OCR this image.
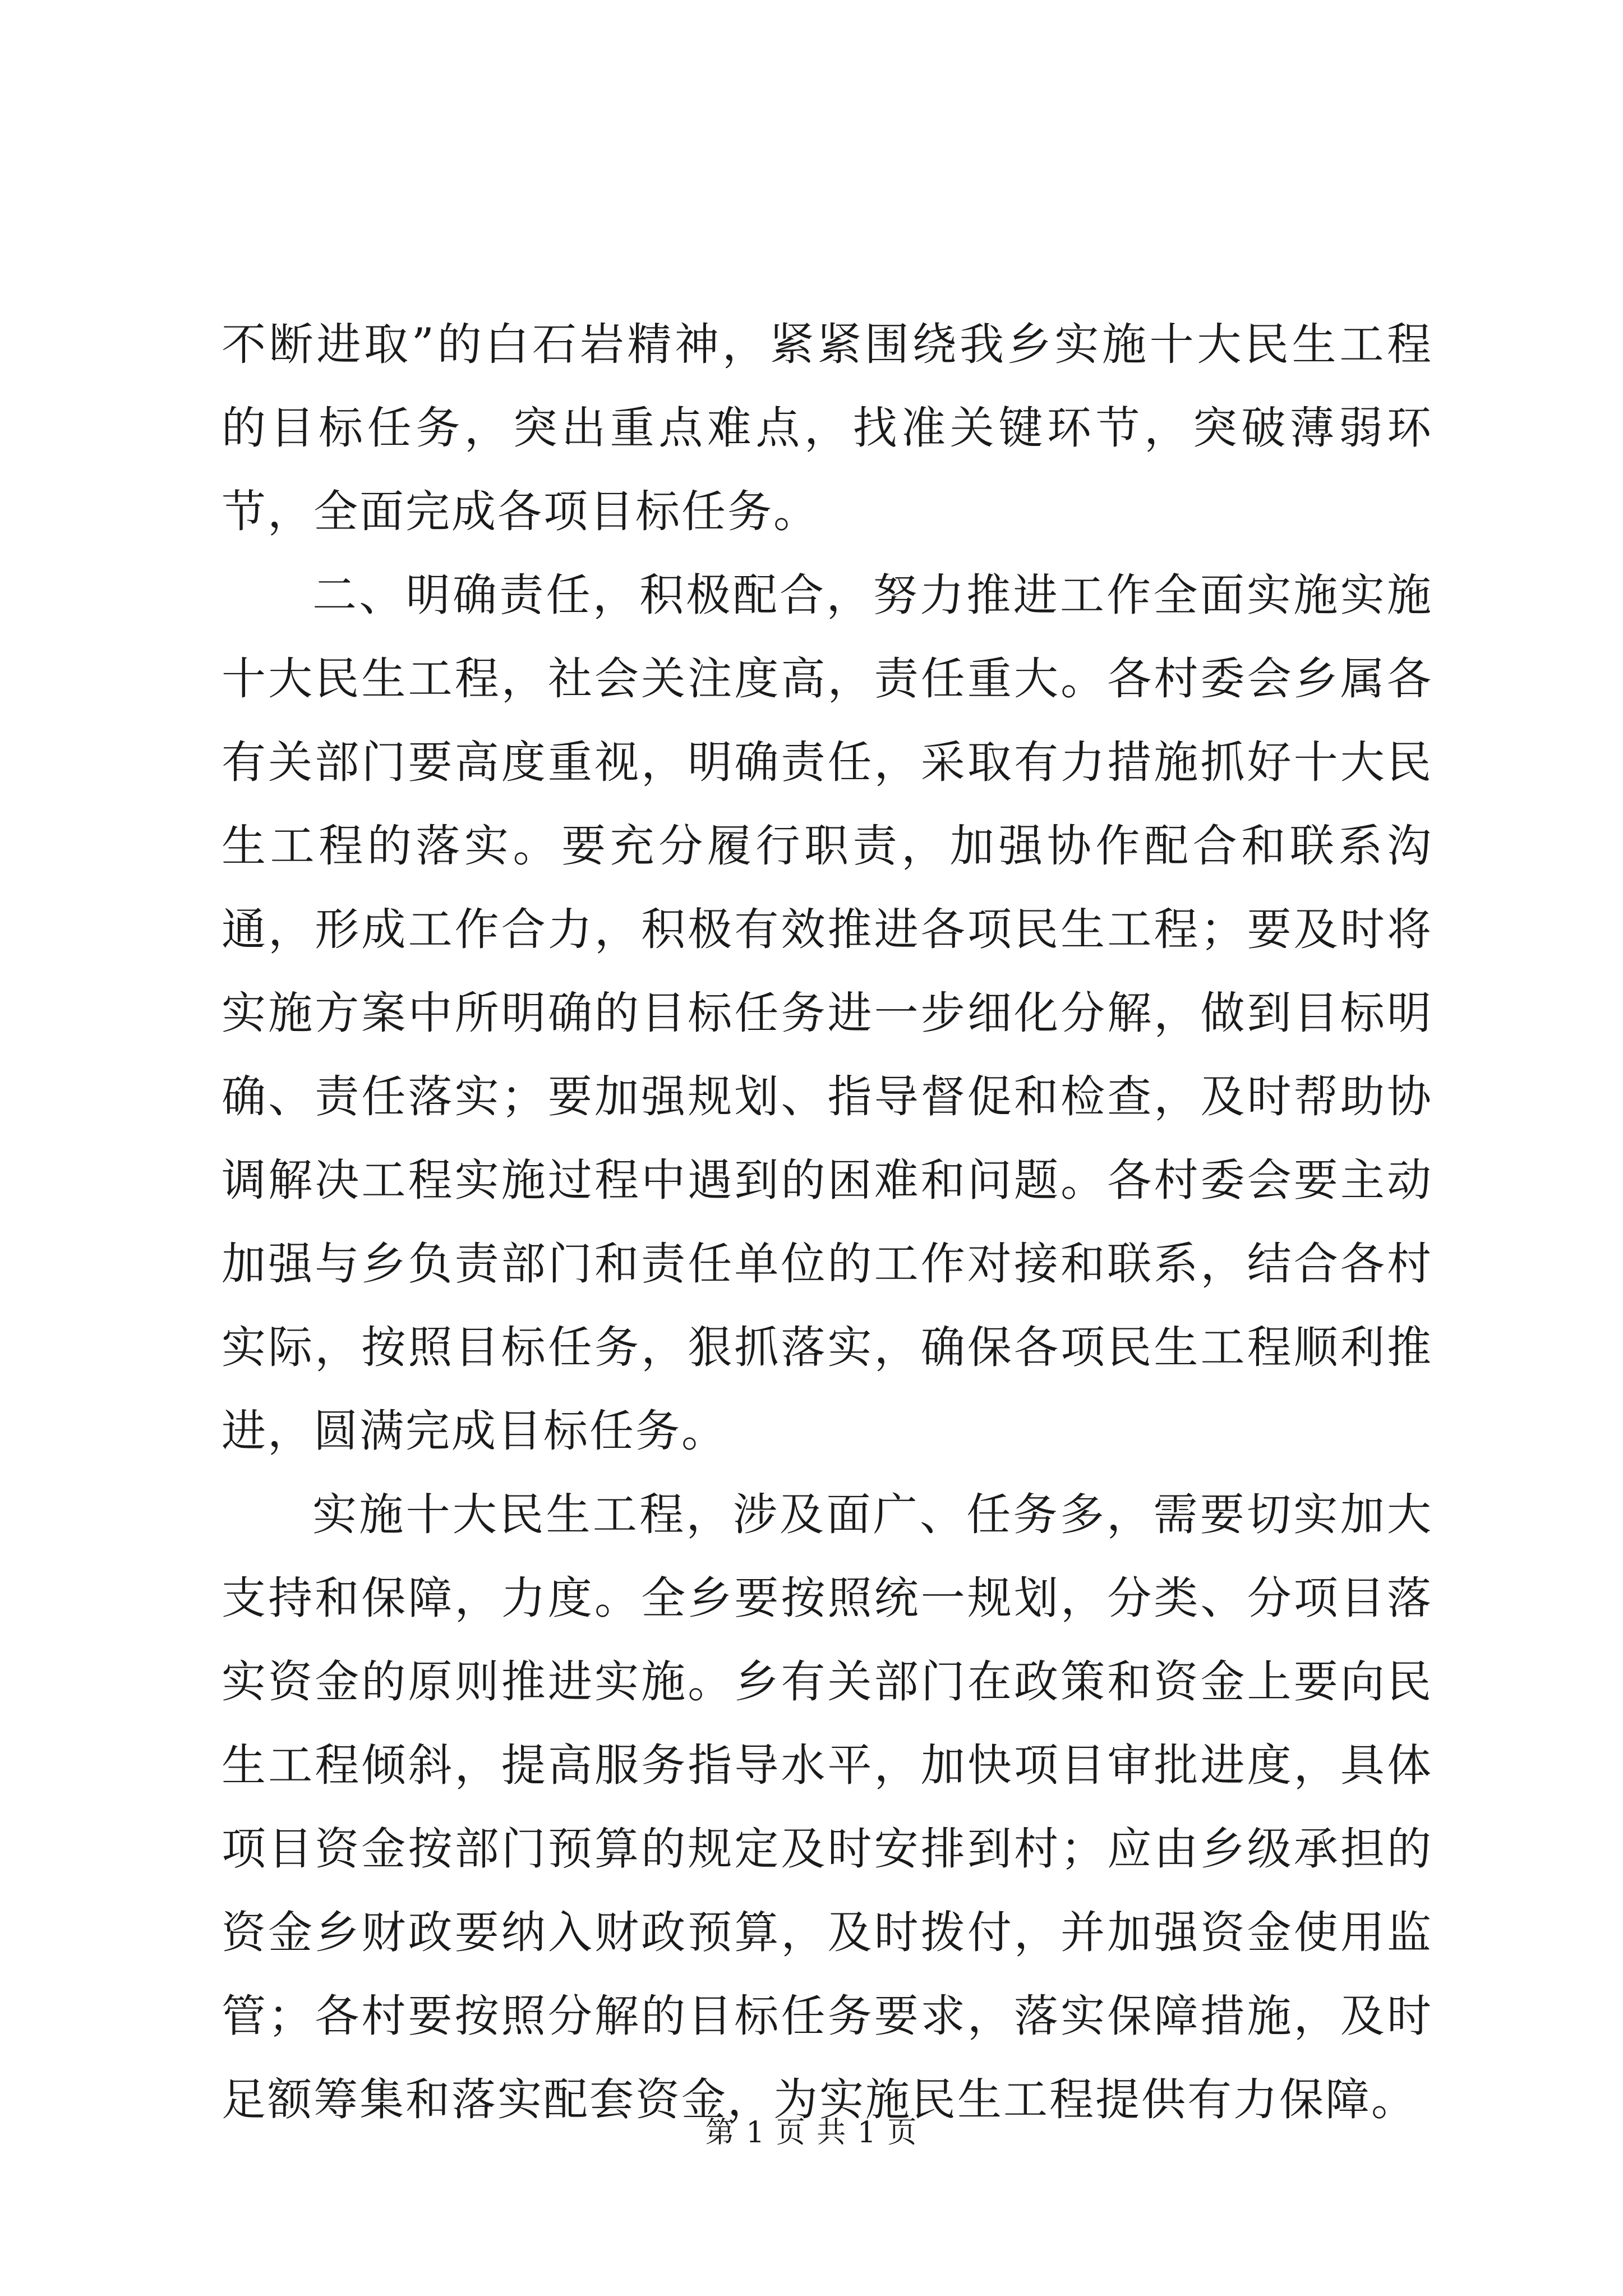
不断进取”的白石岩精神，紧紧围绕我乡实施十大民生工程的目标任务，突出重点难点，找准关键环节，突破薄弱环节，全面完成各项目标任务。

二、明确责任，积极配合，努力推进工作全面实施实施十大民生工程，社会关注度高，责任重大。各村委会乡属各有关部门要高度重视，明确责任，采取有力措施抓好十大民生工程的落实。要充分履行职责，加强协作配合和联系沟通，形成工作合力，积极有效推进各项民生工程；要及时将实施方案中所明确的目标任务进一步细化分解，做到目标明确、责任落实；要加强规划、指导督促和检查，及时帮助协调解决工程实施过程中遇到的困难和问题。各村委会要主动加强与乡负责部门和责任单位的工作对接和联系，结合各村实际，按照目标任务，狠抓落实，确保各项民生工程顺利推进，圆满完成目标任务。

实施十大民生工程，涉及面广、任务多，需要切实加大支持和保障，力度。全乡要按照统一规划，分类、分项目落实资金的原则推进实施。乡有关部门在政策和资金上要向民生工程倾斜，提高服务指导水平，加快项目审批进度，具体项目资金按部门预算的规定及时安排到村；应由乡级承担的资金乡财政要纳入财政预算，及时拨付，并加强资金使用监管；各村要按照分解的目标任务要求，落实保障措施，及时足额筹集和落实配套资金，为实施民生工程提供有力保障。

第 1 页 共 1 页
